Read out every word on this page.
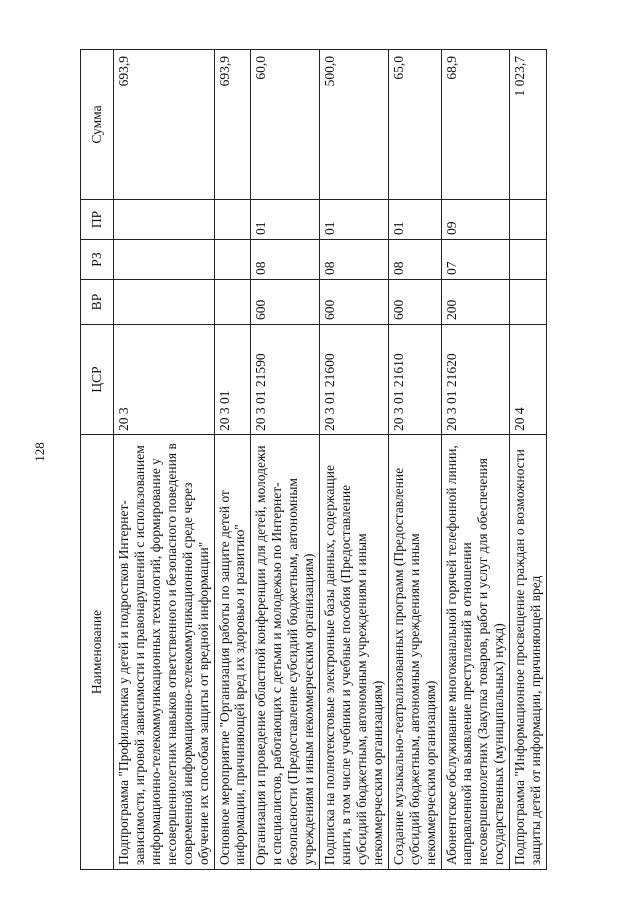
128
Наименование	ЦСР	ВР	РЗ	ПР	Сумма
Подпрограмма "Профилактика у детей и подростков Интернет-зависимости, игровой зависимости и правонарушений с использованием информационно-телекоммуникационных технологий, формирование у несовершеннолетних навыков ответственного и безопасного поведения в современной информационно-телекоммуникационной среде через обучение их способам защиты от вредной информации"	20 3				693,9
Основное мероприятие "Организация работы по защите детей от информации, причиняющей вред их здоровью и развитию"	20 3 01				693,9
Организация и проведение областной конференции для детей, молодежи и специалистов, работающих с детьми и молодежью по Интернет-безопасности (Предоставление субсидий бюджетным, автономным учреждениям и иным некоммерческим организациям)	20 3 01 21590	600	08	01	60,0
Подписка на полнотекстовые электронные базы данных, содержащие книги, в том числе учебники и учебные пособия (Предоставление субсидий бюджетным, автономным учреждениям и иным некоммерческим организациям)	20 3 01 21600	600	08	01	500,0
Создание музыкально-театрализованных программ (Предоставление субсидий бюджетным, автономным учреждениям и иным некоммерческим организациям)	20 3 01 21610	600	08	01	65,0
Абонентское обслуживание многоканальной горячей телефонной линии, направленной на выявление преступлений в отношении несовершеннолетних (Закупка товаров, работ и услуг для обеспечения государственных (муниципальных) нужд)	20 3 01 21620	200	07	09	68,9
Подпрограмма "Информационное просвещение граждан о возможности защиты детей от информации, причиняющей вред	20 4				1 023,7
